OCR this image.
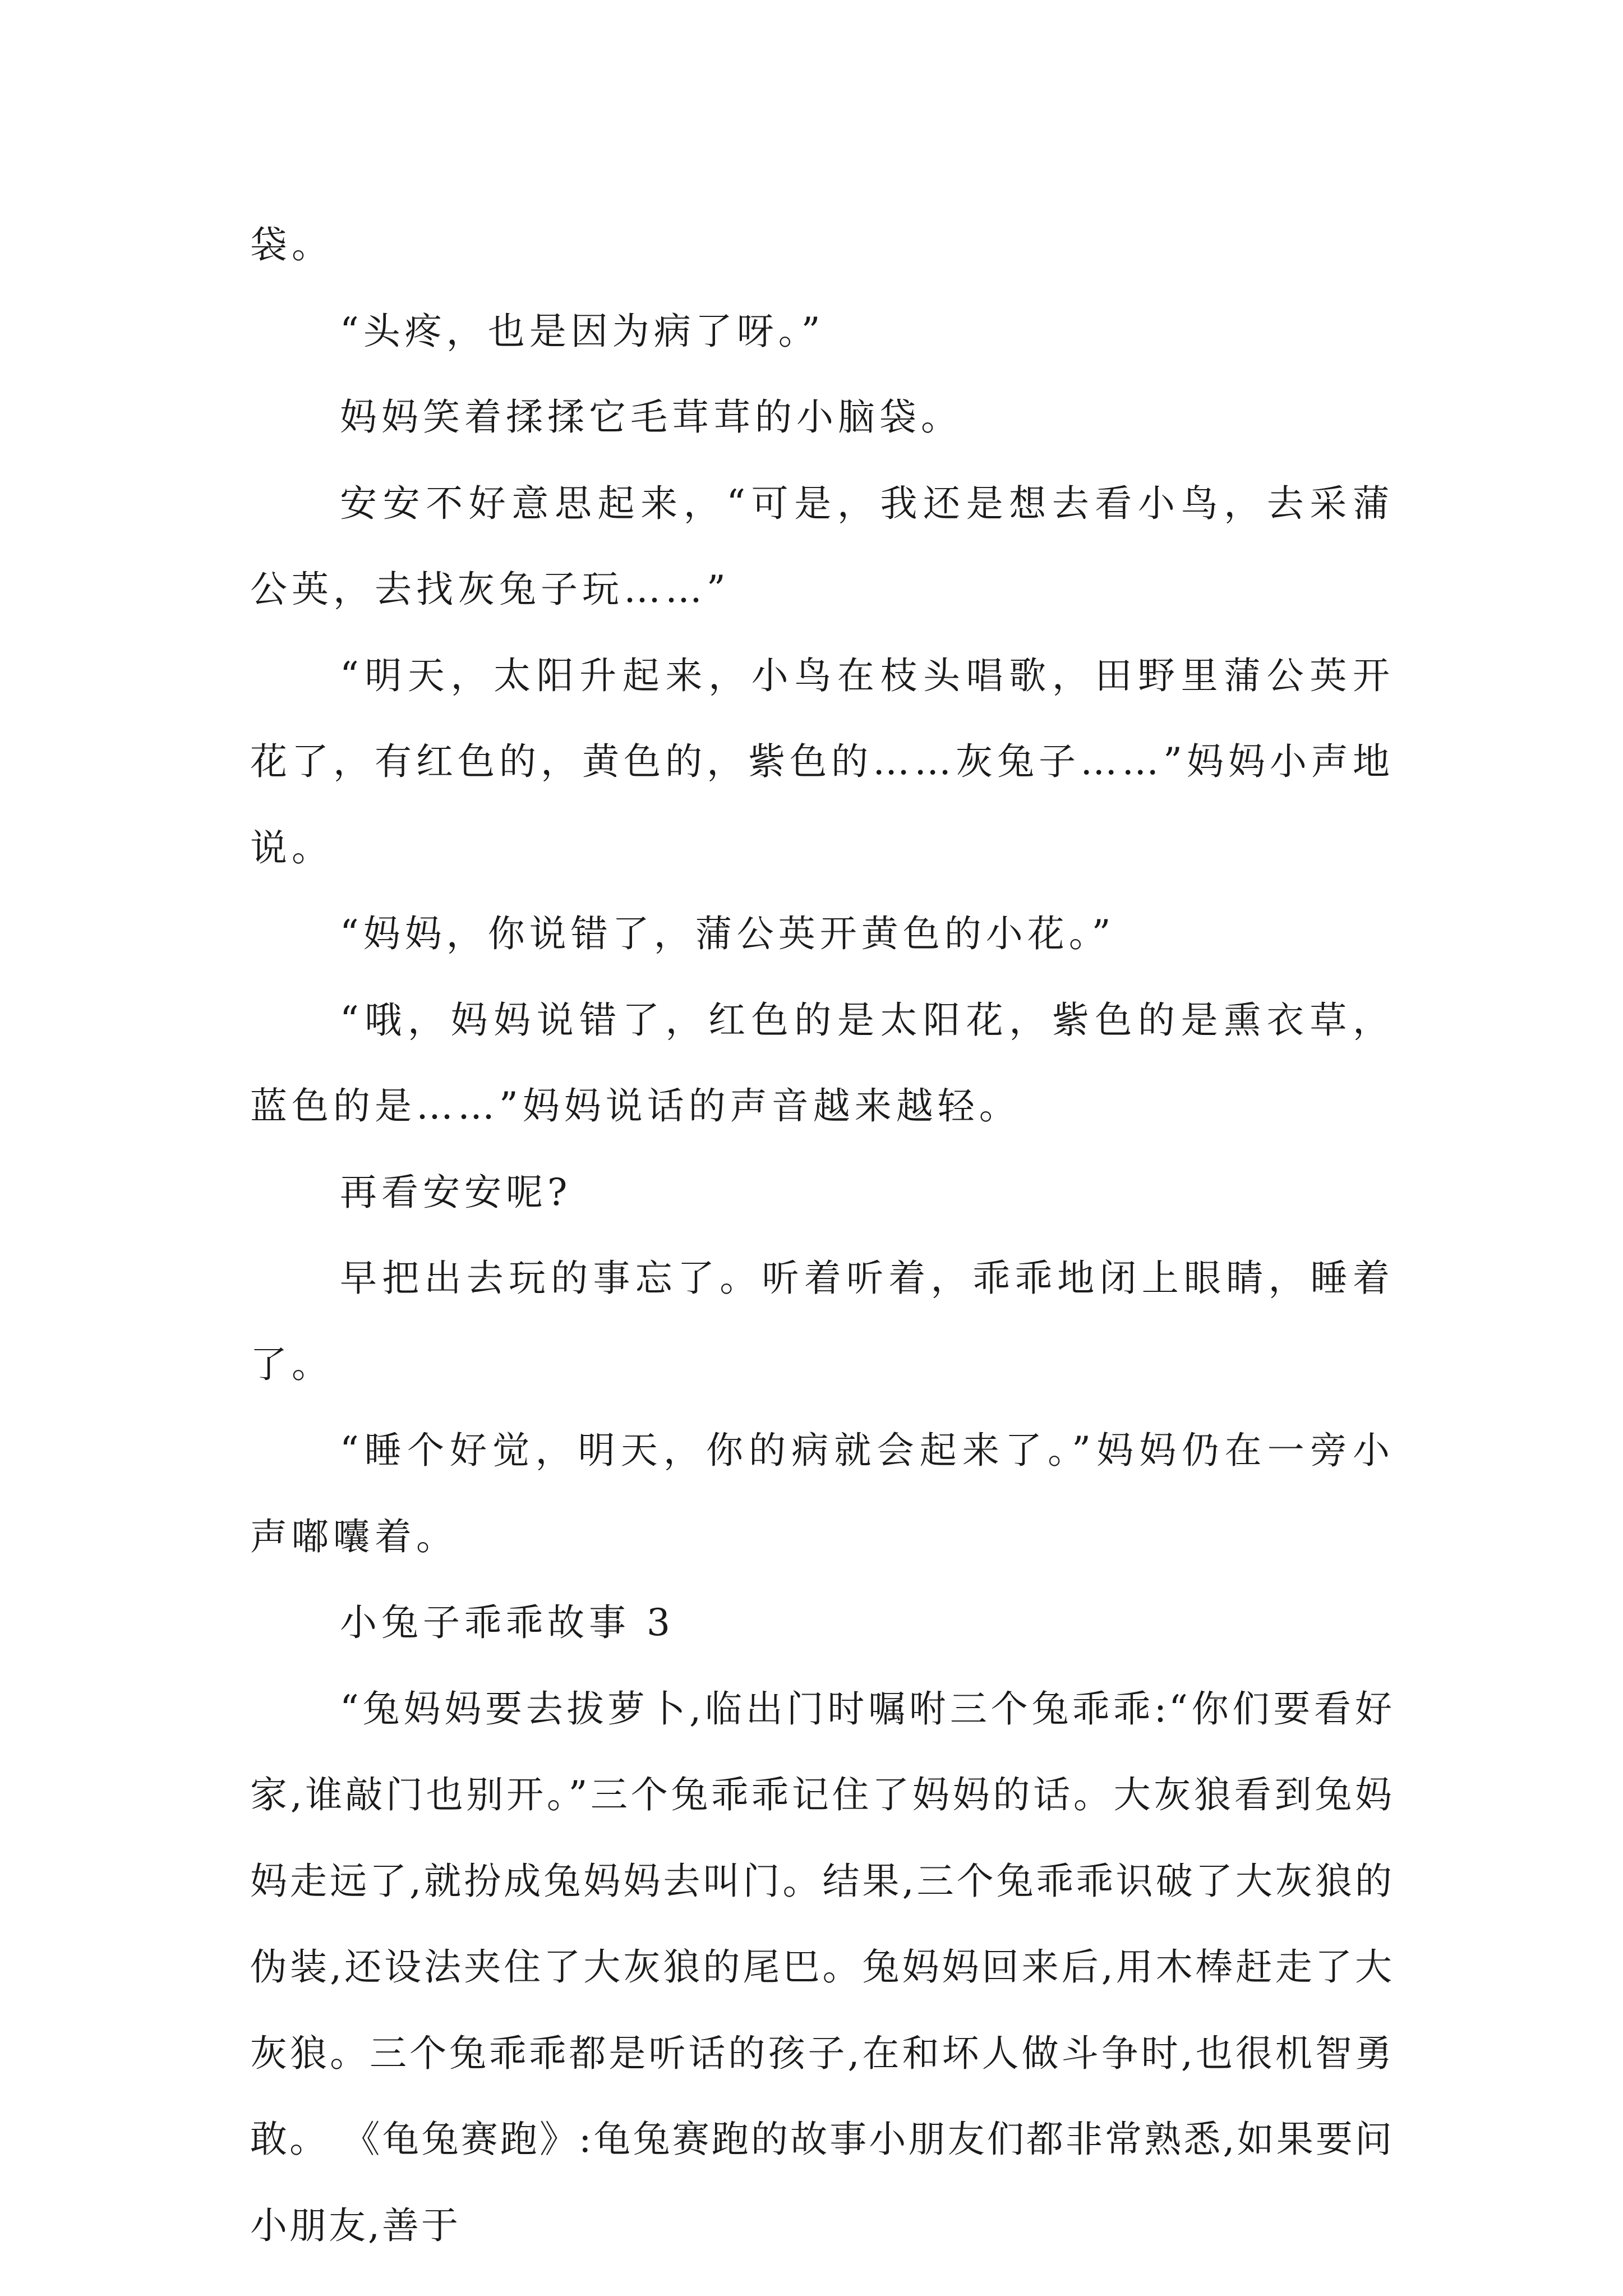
袋。

“头疼，也是因为病了呀。”

妈妈笑着揉揉它毛茸茸的小脑袋。

安安不好意思起来，“可是，我还是想去看小鸟，去采蒲公英，去找灰兔子玩……”

“明天，太阳升起来，小鸟在枝头唱歌，田野里蒲公英开花了，有红色的，黄色的，紫色的……灰兔子……”妈妈小声地说。

“妈妈，你说错了，蒲公英开黄色的小花。”

“哦，妈妈说错了，红色的是太阳花，紫色的是熏衣草，蓝色的是……”妈妈说话的声音越来越轻。

再看安安呢?

早把出去玩的事忘了。听着听着，乖乖地闭上眼睛，睡着了。

“睡个好觉，明天，你的病就会起来了。”妈妈仍在一旁小声嘟囔着。

小兔子乖乖故事 3

“兔妈妈要去拔萝卜,临出门时嘱咐三个兔乖乖:“你们要看好家,谁敲门也别开。”三个兔乖乖记住了妈妈的话。大灰狼看到兔妈妈走远了,就扮成兔妈妈去叫门。结果,三个兔乖乖识破了大灰狼的伪装,还设法夹住了大灰狼的尾巴。兔妈妈回来后,用木棒赶走了大灰狼。三个兔乖乖都是听话的孩子,在和坏人做斗争时,也很机智勇敢。 《龟兔赛跑》:龟兔赛跑的故事小朋友们都非常熟悉,如果要问小朋友,善于
